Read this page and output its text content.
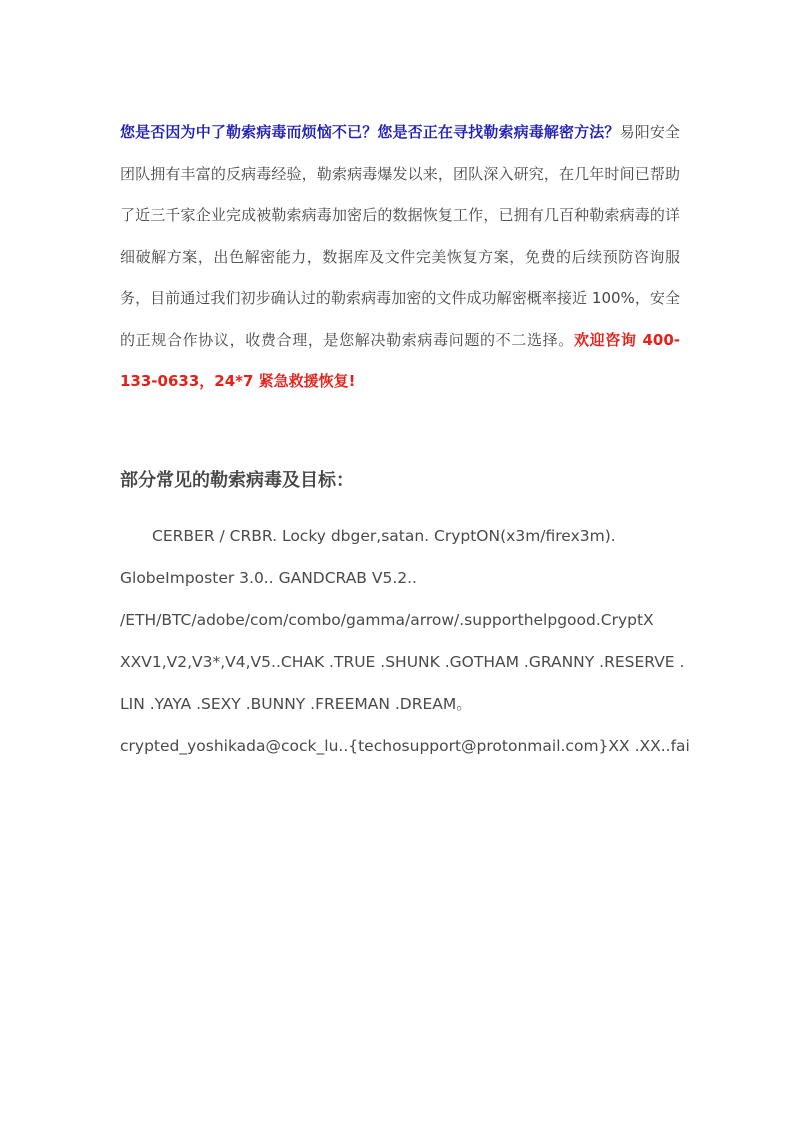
您是否因为中了勒索病毒而烦恼不已？您是否正在寻找勒索病毒解密方法？易阳安全团队拥有丰富的反病毒经验，勒索病毒爆发以来，团队深入研究，在几年时间已帮助了近三千家企业完成被勒索病毒加密后的数据恢复工作，已拥有几百种勒索病毒的详细破解方案，出色解密能力，数据库及文件完美恢复方案，免费的后续预防咨询服务，目前通过我们初步确认过的勒索病毒加密的文件成功解密概率接近 100%，安全的正规合作协议，收费合理，是您解决勒索病毒问题的不二选择。欢迎咨询 400-133-0633，24*7 紧急救援恢复!
部分常见的勒索病毒及目标：
CERBER / CRBR. Locky dbger,satan. CryptON(x3m/firex3m).
GlobeImposter 3.0.. GANDCRAB V5.2..
/ETH/BTC/adobe/com/combo/gamma/arrow/.supporthelpgood.CryptX
XXV1,V2,V3*,V4,V5..CHAK .TRUE .SHUNK .GOTHAM .GRANNY .RESERVE .
LIN .YAYA .SEXY .BUNNY .FREEMAN .DREAM。
crypted_yoshikada@cock_lu..{techosupport@protonmail.com}XX .XX..fai
